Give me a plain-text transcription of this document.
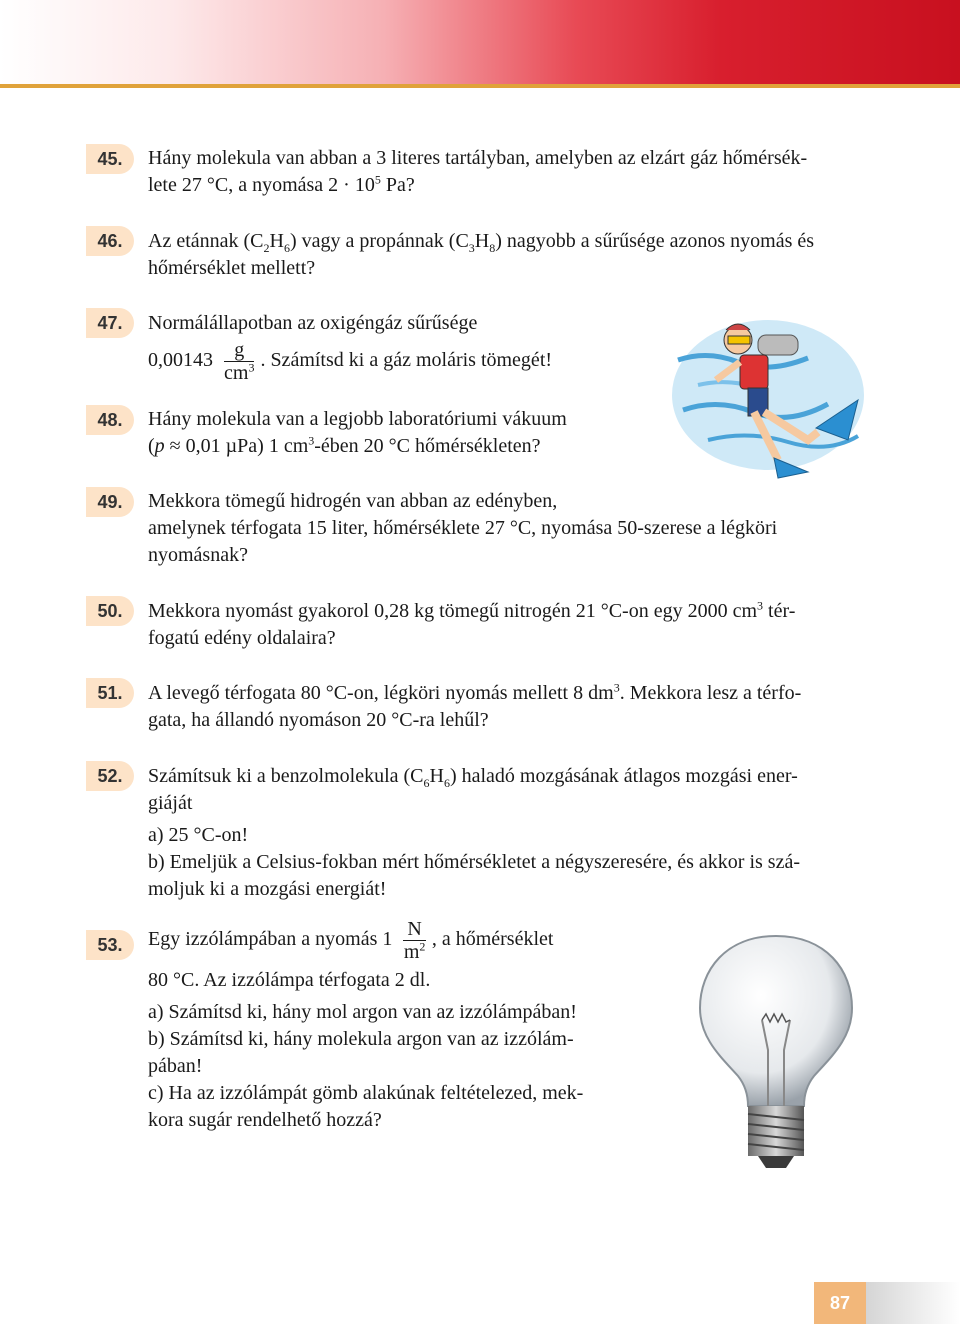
45.	Hány molekula van abban a 3 literes tartályban, amelyben az elzárt gáz hőmérsék-
lete 27 °C, a nyomása $2 \cdot 10^5$ Pa?
46.	Az etánnak $(C_2H_6)$ vagy a propánnak $(C_3H_8)$ nagyobb a sűrűsége azonos nyomás és
hőmérséklet mellett?
47.	Normálállapotban az oxigéngáz sűrűsége
$0,00143 \frac{g}{cm^3}$ . Számítsd ki a gáz moláris tömegét!
48.	Hány molekula van a legjobb laboratóriumi vákuum
(p ≈ 0,01 µPa) 1 $cm^3$-ében 20 °C hőmérsékleten?
49.	Mekkora tömegű hidrogén van abban az edényben,
amelynek térfogata 15 liter, hőmérséklete 27 °C, nyomása 50-szerese a légköri
nyomásnak?
50.	Mekkora nyomást gyakorol 0,28 kg tömegű nitrogén 21 °C-on egy 2000 $cm^3$ tér-
fogatú edény oldalaira?
51.	A levegő térfogata 80 °C-on, légköri nyomás mellett 8 $dm^3$. Mekkora lesz a térfo-
gata, ha állandó nyomáson 20 °C-ra lehűl?
52.	Számítsuk ki a benzolmolekula $(C_6H_6)$ haladó mozgásának átlagos mozgási ener-
giáját
a) 25 °C-on!
b) Emeljük a Celsius-fokban mért hőmérsékletet a négyszeresére, és akkor is szá-
moljuk ki a mozgási energiát!
53.	Egy izzólámpában a nyomás $1 \frac{N}{m^2}$ , a hőmérséklet
80 °C. Az izzólámpa térfogata 2 dl.
a) Számítsd ki, hány mol argon van az izzólámpában!
b) Számítsd ki, hány molekula argon van az izzólám-
pában!
c) Ha az izzólámpát gömb alakúnak feltételezed, mek-
kora sugár rendelhető hozzá?
87
